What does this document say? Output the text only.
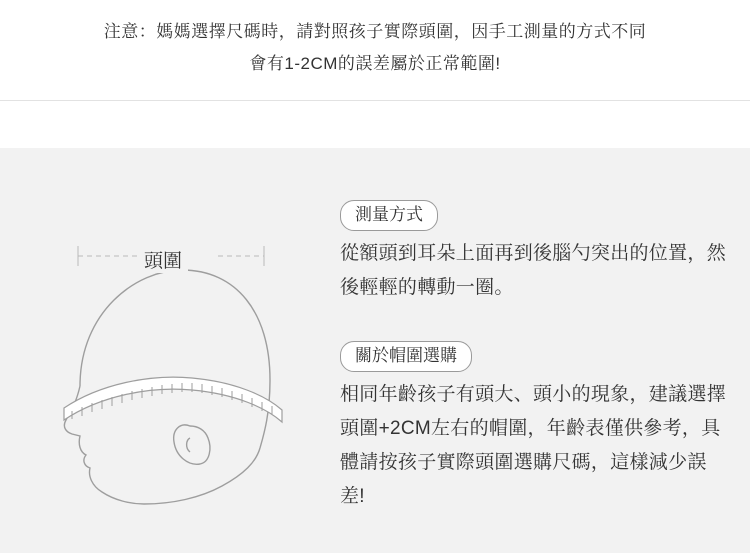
注意：媽媽選擇尺碼時，請對照孩子實際頭圍，因手工測量的方式不同
會有1-2CM的誤差屬於正常範圍!
頭圍
測量方式
從額頭到耳朵上面再到後腦勺突出的位置，然後輕輕的轉動一圈。
關於帽圍選購
相同年齡孩子有頭大、頭小的現象，建議選擇頭圍+2CM左右的帽圍，年齡表僅供參考，具體請按孩子實際頭圍選購尺碼，這樣減少誤差!
